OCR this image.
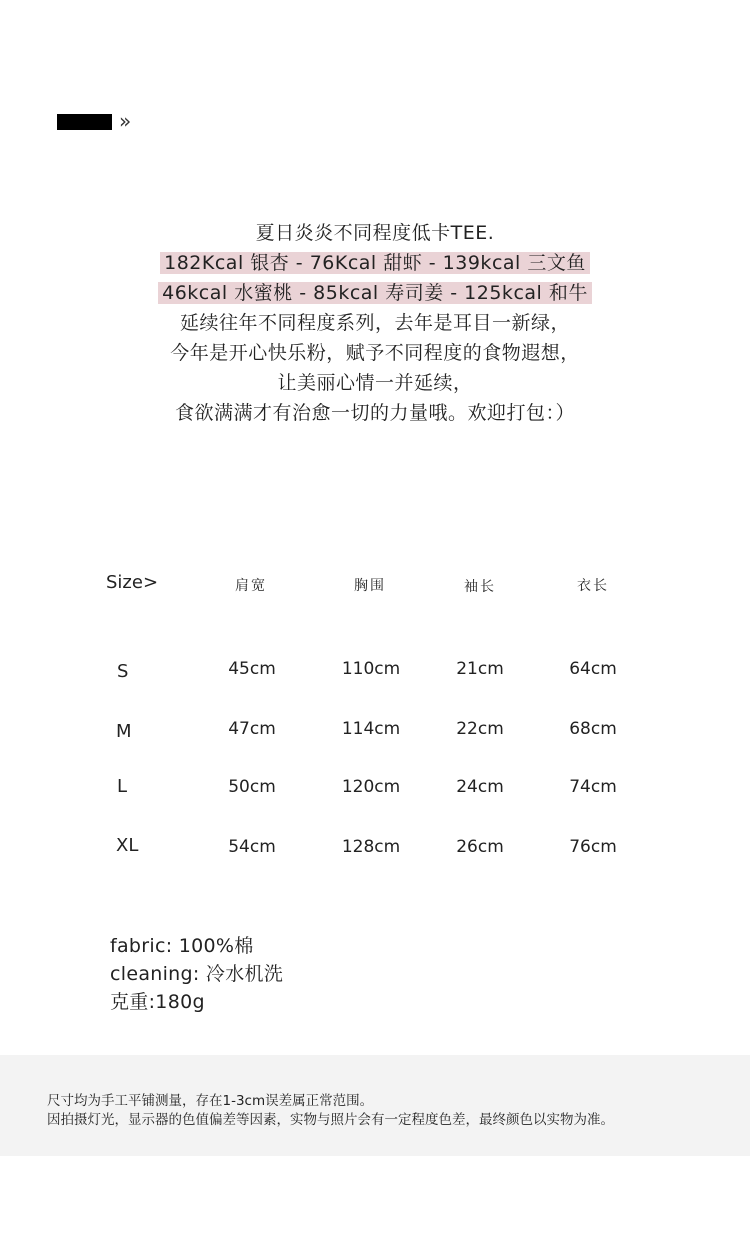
»
夏日炎炎不同程度低卡TEE.
182Kcal 银杏 - 76Kcal 甜虾 - 139kcal 三文鱼
46kcal 水蜜桃 - 85kcal 寿司姜 - 125kcal 和牛
延续往年不同程度系列，去年是耳目一新绿，
今年是开心快乐粉，赋予不同程度的食物遐想，
让美丽心情一并延续，
食欲满满才有治愈一切的力量哦。欢迎打包：）
Size>	肩宽	胸围	袖长	衣长
S	45cm	110cm	21cm	64cm
M	47cm	114cm	22cm	68cm
L	50cm	120cm	24cm	74cm
XL	54cm	128cm	26cm	76cm
fabric: 100%棉
cleaning: 冷水机洗
克重:180g
尺寸均为手工平铺测量，存在1-3cm误差属正常范围。
因拍摄灯光，显示器的色值偏差等因素，实物与照片会有一定程度色差，最终颜色以实物为准。
